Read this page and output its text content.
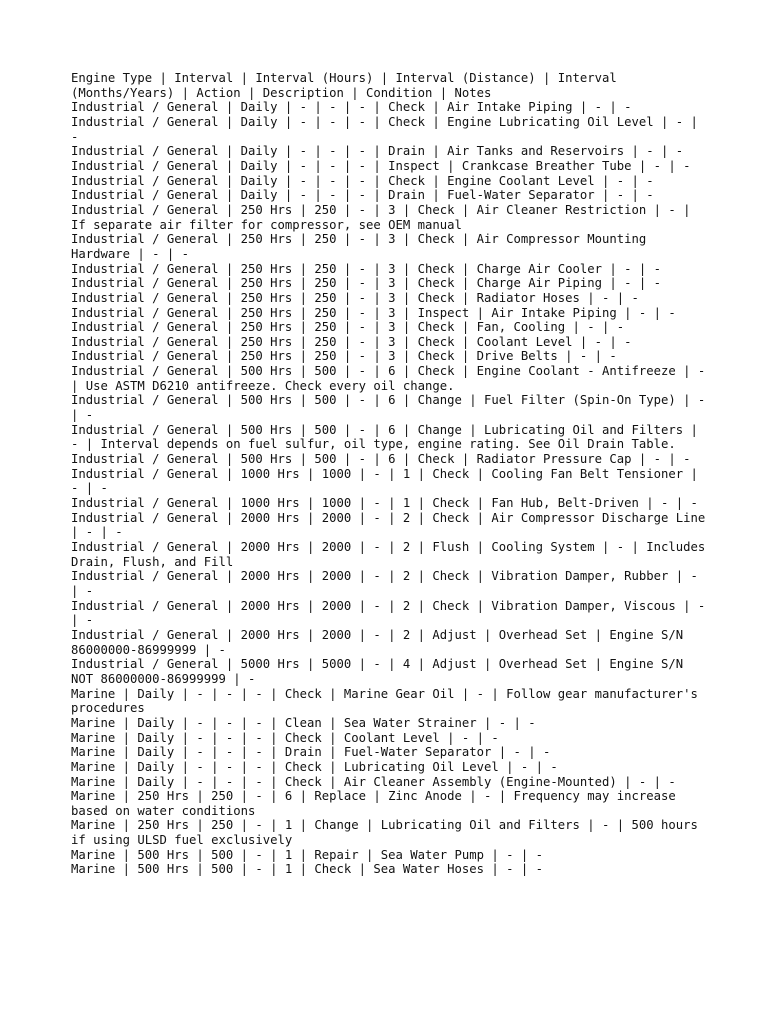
Engine Type | Interval | Interval (Hours) | Interval (Distance) | Interval (Months/Years) | Action | Description | Condition | Notes
Industrial / General | Daily | - | - | - | Check | Air Intake Piping | - | -
Industrial / General | Daily | - | - | - | Check | Engine Lubricating Oil Level | - | -
Industrial / General | Daily | - | - | - | Drain | Air Tanks and Reservoirs | - | -
Industrial / General | Daily | - | - | - | Inspect | Crankcase Breather Tube | - | -
Industrial / General | Daily | - | - | - | Check | Engine Coolant Level | - | -
Industrial / General | Daily | - | - | - | Drain | Fuel-Water Separator | - | -
Industrial / General | 250 Hrs | 250 | - | 3 | Check | Air Cleaner Restriction | - | If separate air filter for compressor, see OEM manual
Industrial / General | 250 Hrs | 250 | - | 3 | Check | Air Compressor Mounting Hardware | - | -
Industrial / General | 250 Hrs | 250 | - | 3 | Check | Charge Air Cooler | - | -
Industrial / General | 250 Hrs | 250 | - | 3 | Check | Charge Air Piping | - | -
Industrial / General | 250 Hrs | 250 | - | 3 | Check | Radiator Hoses | - | -
Industrial / General | 250 Hrs | 250 | - | 3 | Inspect | Air Intake Piping | - | -
Industrial / General | 250 Hrs | 250 | - | 3 | Check | Fan, Cooling | - | -
Industrial / General | 250 Hrs | 250 | - | 3 | Check | Coolant Level | - | -
Industrial / General | 250 Hrs | 250 | - | 3 | Check | Drive Belts | - | -
Industrial / General | 500 Hrs | 500 | - | 6 | Check | Engine Coolant - Antifreeze | - | Use ASTM D6210 antifreeze. Check every oil change.
Industrial / General | 500 Hrs | 500 | - | 6 | Change | Fuel Filter (Spin-On Type) | - | -
Industrial / General | 500 Hrs | 500 | - | 6 | Change | Lubricating Oil and Filters | - | Interval depends on fuel sulfur, oil type, engine rating. See Oil Drain Table.
Industrial / General | 500 Hrs | 500 | - | 6 | Check | Radiator Pressure Cap | - | -
Industrial / General | 1000 Hrs | 1000 | - | 1 | Check | Cooling Fan Belt Tensioner | - | -
Industrial / General | 1000 Hrs | 1000 | - | 1 | Check | Fan Hub, Belt-Driven | - | -
Industrial / General | 2000 Hrs | 2000 | - | 2 | Check | Air Compressor Discharge Line | - | -
Industrial / General | 2000 Hrs | 2000 | - | 2 | Flush | Cooling System | - | Includes Drain, Flush, and Fill
Industrial / General | 2000 Hrs | 2000 | - | 2 | Check | Vibration Damper, Rubber | - | -
Industrial / General | 2000 Hrs | 2000 | - | 2 | Check | Vibration Damper, Viscous | - | -
Industrial / General | 2000 Hrs | 2000 | - | 2 | Adjust | Overhead Set | Engine S/N 86000000-86999999 | -
Industrial / General | 5000 Hrs | 5000 | - | 4 | Adjust | Overhead Set | Engine S/N NOT 86000000-86999999 | -
Marine | Daily | - | - | - | Check | Marine Gear Oil | - | Follow gear manufacturer's procedures
Marine | Daily | - | - | - | Clean | Sea Water Strainer | - | -
Marine | Daily | - | - | - | Check | Coolant Level | - | -
Marine | Daily | - | - | - | Drain | Fuel-Water Separator | - | -
Marine | Daily | - | - | - | Check | Lubricating Oil Level | - | -
Marine | Daily | - | - | - | Check | Air Cleaner Assembly (Engine-Mounted) | - | -
Marine | 250 Hrs | 250 | - | 6 | Replace | Zinc Anode | - | Frequency may increase based on water conditions
Marine | 250 Hrs | 250 | - | 1 | Change | Lubricating Oil and Filters | - | 500 hours if using ULSD fuel exclusively
Marine | 500 Hrs | 500 | - | 1 | Repair | Sea Water Pump | - | -
Marine | 500 Hrs | 500 | - | 1 | Check | Sea Water Hoses | - | -
